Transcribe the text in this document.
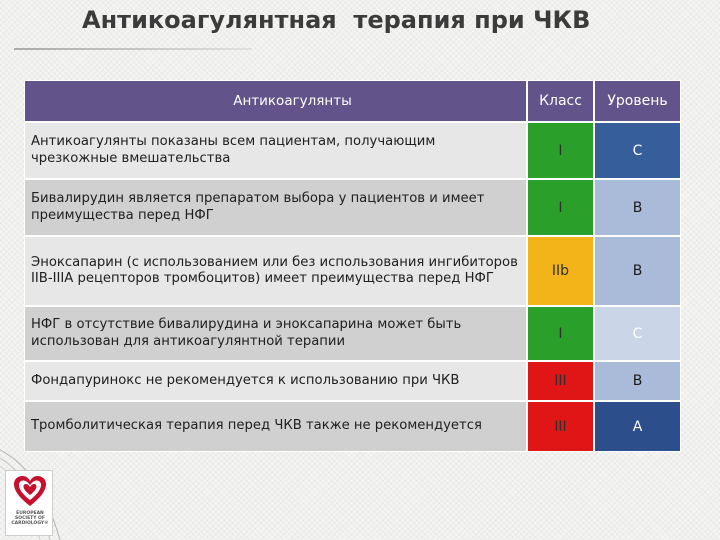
Антикоагулянтная  терапия при ЧКВ
Антикоагулянты	Класс	Уровень
Антикоагулянты показаны всем пациентам, получающим чрезкожные вмешательства	I	C
Бивалирудин является препаратом выбора у пациентов и имеет преимущества перед НФГ	I	B
Эноксапарин (с использованием или без использования ингибиторов IIB-IIIA рецепторов тромбоцитов) имеет преимущества перед НФГ	IIb	B
НФГ в отсутствие бивалирудина и эноксапарина может быть использован для антикоагулянтной терапии	I	C
Фондапуринокс не рекомендуется к использованию при ЧКВ	III	B
Тромболитическая терапия перед ЧКВ также не рекомендуется	III	A
EUROPEAN SOCIETY OF CARDIOLOGY®
